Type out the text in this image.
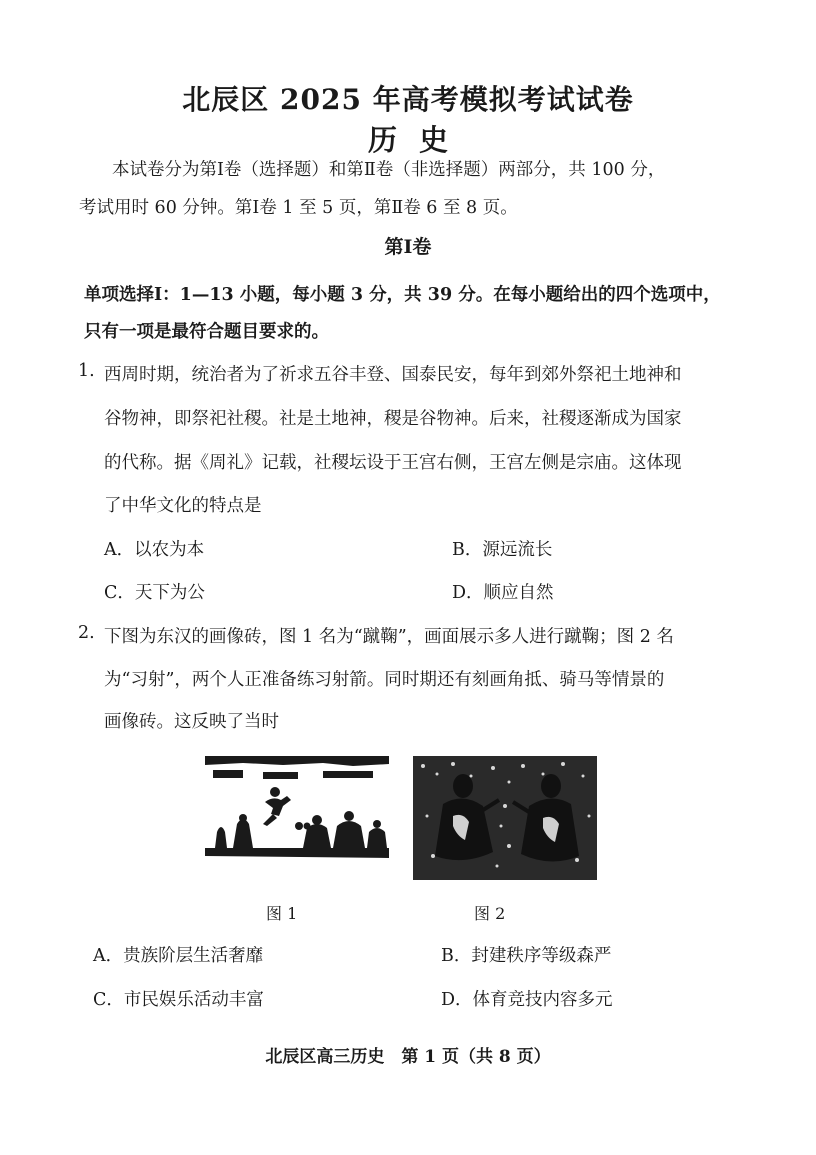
北辰区 2025 年高考模拟考试试卷
历史
本试卷分为第Ⅰ卷（选择题）和第Ⅱ卷（非选择题）两部分，共 100 分，
考试用时 60 分钟。第Ⅰ卷 1 至 5 页，第Ⅱ卷 6 至 8 页。
第Ⅰ卷
单项选择Ⅰ：1—13 小题，每小题 3 分，共 39 分。在每小题给出的四个选项中，
只有一项是最符合题目要求的。
1. 西周时期，统治者为了祈求五谷丰登、国泰民安，每年到郊外祭祀土地神和
谷物神，即祭祀社稷。社是土地神，稷是谷物神。后来，社稷逐渐成为国家
的代称。据《周礼》记载，社稷坛设于王宫右侧，王宫左侧是宗庙。这体现
了中华文化的特点是
A．以农为本	B．源远流长
C．天下为公	D．顺应自然
2. 下图为东汉的画像砖，图 1 名为“蹴鞠”，画面展示多人进行蹴鞠；图 2 名
为“习射”，两个人正准备练习射箭。同时期还有刻画角抵、骑马等情景的
画像砖。这反映了当时
图 1	图 2
A．贵族阶层生活奢靡	B．封建秩序等级森严
C．市民娱乐活动丰富	D．体育竞技内容多元
北辰区高三历史　第 1 页（共 8 页）
